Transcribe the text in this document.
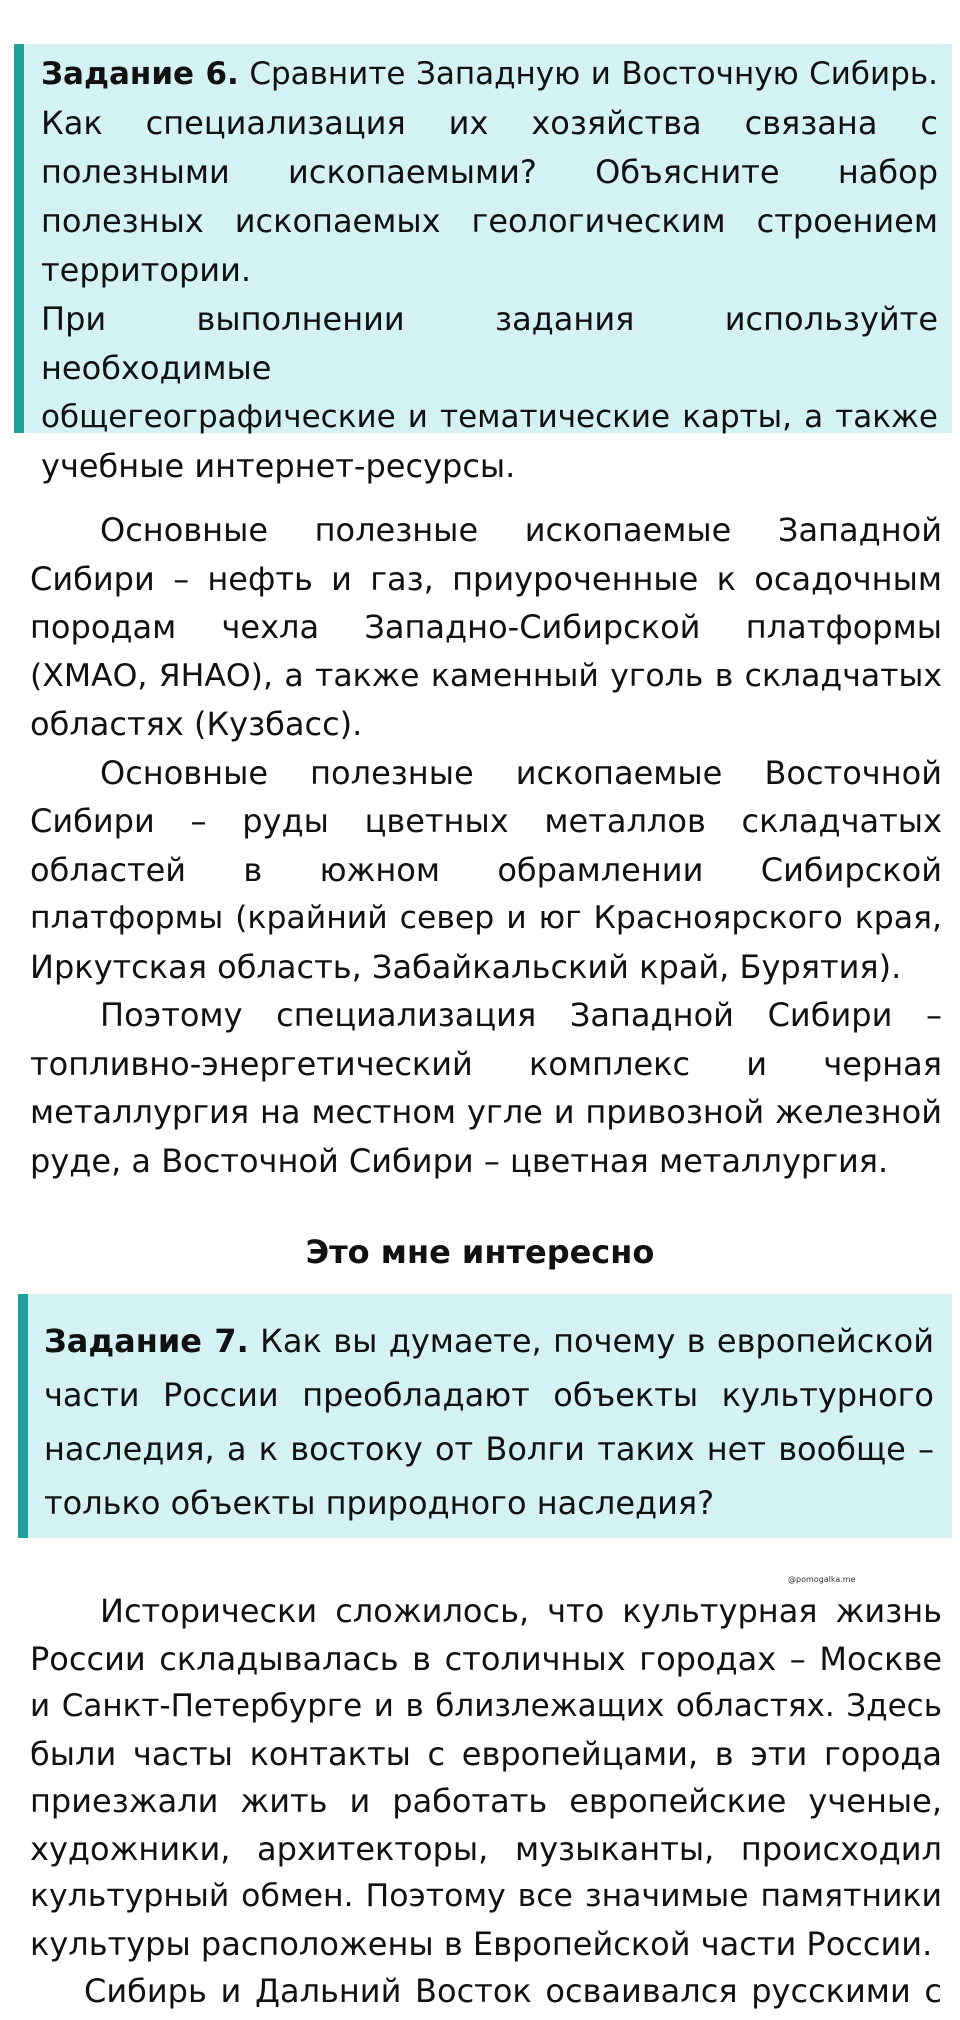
Задание 6. Сравните Западную и Восточную Сибирь.
Как специализация их хозяйства связана с
полезными ископаемыми? Объясните набор
полезных ископаемых геологическим строением
территории.
При выполнении задания используйте необходимые
общегеографические и тематические карты, а также
учебные интернет-ресурсы.
Основные полезные ископаемые Западной
Сибири – нефть и газ, приуроченные к осадочным
породам чехла Западно-Сибирской платформы
(ХМАО, ЯНАО), а также каменный уголь в складчатых
областях (Кузбасс).
Основные полезные ископаемые Восточной
Сибири – руды цветных металлов складчатых
областей в южном обрамлении Сибирской
платформы (крайний север и юг Красноярского края,
Иркутская область, Забайкальский край, Бурятия).
Поэтому специализация Западной Сибири –
топливно-энергетический комплекс и черная
металлургия на местном угле и привозной железной
руде, а Восточной Сибири – цветная металлургия.
Это мне интересно
Задание 7. Как вы думаете, почему в европейской
части России преобладают объекты культурного
наследия, а к востоку от Волги таких нет вообще –
только объекты природного наследия?
@pomogalka.me
Исторически сложилось, что культурная жизнь
России складывалась в столичных городах – Москве
и Санкт-Петербурге и в близлежащих областях. Здесь
были часты контакты с европейцами, в эти города
приезжали жить и работать европейские ученые,
художники, архитекторы, музыканты, происходил
культурный обмен. Поэтому все значимые памятники
культуры расположены в Европейской части России.
Сибирь и Дальний Восток осваивался русскими с
